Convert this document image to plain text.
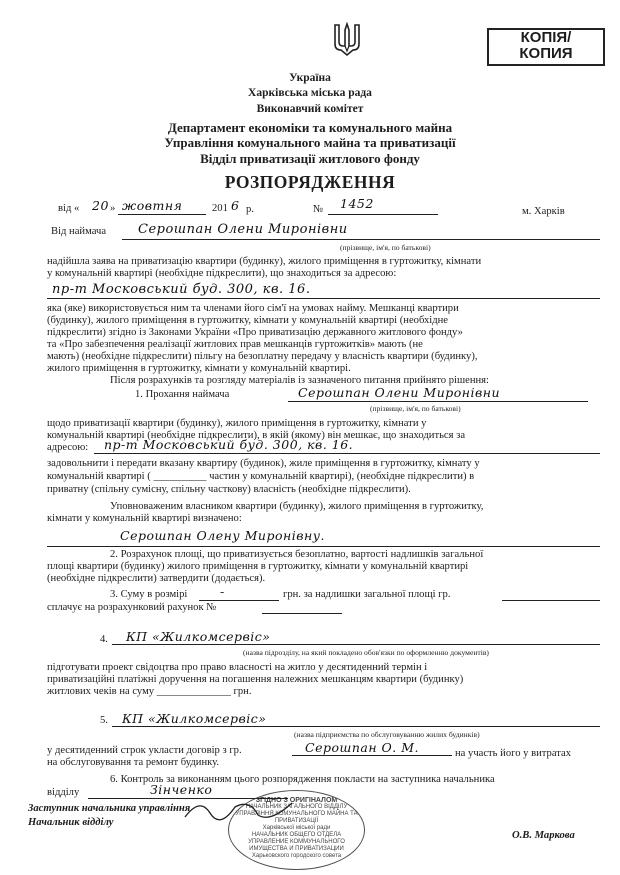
КОПІЯ/
КОПИЯ
Україна
Харківська міська рада
Виконавчий комітет
Департамент економіки та комунального майна
Управління комунального майна та приватизації
Відділ приватизації житлового фонду
РОЗПОРЯДЖЕННЯ
від « 20 » жовтня	201 6 р.	№ 1452
м. Харків
Від наймача Серошпан Олени Миронівни
(прізвище, ім'я, по батькові)
надійшла заява на приватизацію квартири (будинку), жилого приміщення в гуртожитку, кімнати
у комунальній квартирі (необхідне підкреслити), що знаходиться за адресою:
пр-т Московський буд. 300, кв. 16.
яка (яке) використовується ним та членами його сім'ї на умовах найму. Мешканці квартири
(будинку), жилого приміщення в гуртожитку, кімнати у комунальній квартирі (необхідне
підкреслити) згідно із Законами України «Про приватизацію державного житлового фонду»
та «Про забезпечення реалізації житлових прав мешканців гуртожитків» мають (не
мають) (необхідне підкреслити) пільгу на безоплатну передачу у власність квартири (будинку),
жилого приміщення в гуртожитку, кімнати у комунальній квартирі.
Після розрахунків та розгляду матеріалів із зазначеного питання прийнято рішення:
1. Прохання наймача	Серошпан Олени Миронівни
(прізвище, ім'я, по батькові)
щодо приватизації квартири (будинку), жилого приміщення в гуртожитку, кімнати у
комунальній квартирі (необхідне підкреслити), в якій (якому) він мешкає, що знаходиться за
адресою: пр-т Московський буд. 300, кв. 16.
задовольнити і передати вказану квартиру (будинок), жиле приміщення в гуртожитку, кімнату у
комунальній квартирі ( __________ частин у комунальній квартирі), (необхідне підкреслити) в
приватну (спільну сумісну, спільну часткову) власність (необхідне підкреслити).
Уповноваженим власником квартири (будинку), жилого приміщення в гуртожитку,
кімнати у комунальній квартирі визначено:
Серошпан Олену Миронівну.
2. Розрахунок площі, що приватизується безоплатно, вартості надлишків загальної
площі квартири (будинку) жилого приміщення в гуртожитку, кімнати у комунальній квартирі
(необхідне підкреслити) затвердити (додається).
3. Суму в розмірі	-	грн. за надлишки загальної площі гр.
сплачує на розрахунковий рахунок №
4. КП «Жилкомсервіс»
(назва підрозділу, на який покладено обов'язки по оформленню документів)
підготувати проект свідоцтва про право власності на житло у десятиденний термін і
приватизаційні платіжні доручення на погашення належних мешканцям квартири (будинку)
житлових чеків на суму ______________ грн.
5. КП «Жилкомсервіс»
(назва підприємства по обслуговуванню жилих будинків)
у десятиденний строк укласти договір з гр.	Серошпан О. М.	на участь його у витратах
на обслуговування та ремонт будинку.
6. Контроль за виконанням цього розпорядження покласти на заступника начальника
відділу	Зінченко
Заступник начальника управління
Начальник відділу
О.В. Маркова
ЗГІДНО З ОРИГІНАЛОМ
НАЧАЛЬНИК ЗАГАЛЬНОГО ВІДДІЛУ
УПРАВЛІННЯ КОМУНАЛЬНОГО МАЙНА ТА ПРИВАТИЗАЦІЇ
Харківської міської ради
НАЧАЛЬНИК ОБЩЕГО ОТДЕЛА
УПРАВЛЕНИЕ КОММУНАЛЬНОГО ИМУЩЕСТВА И ПРИВАТИЗАЦИИ
Харьковского городского совета
